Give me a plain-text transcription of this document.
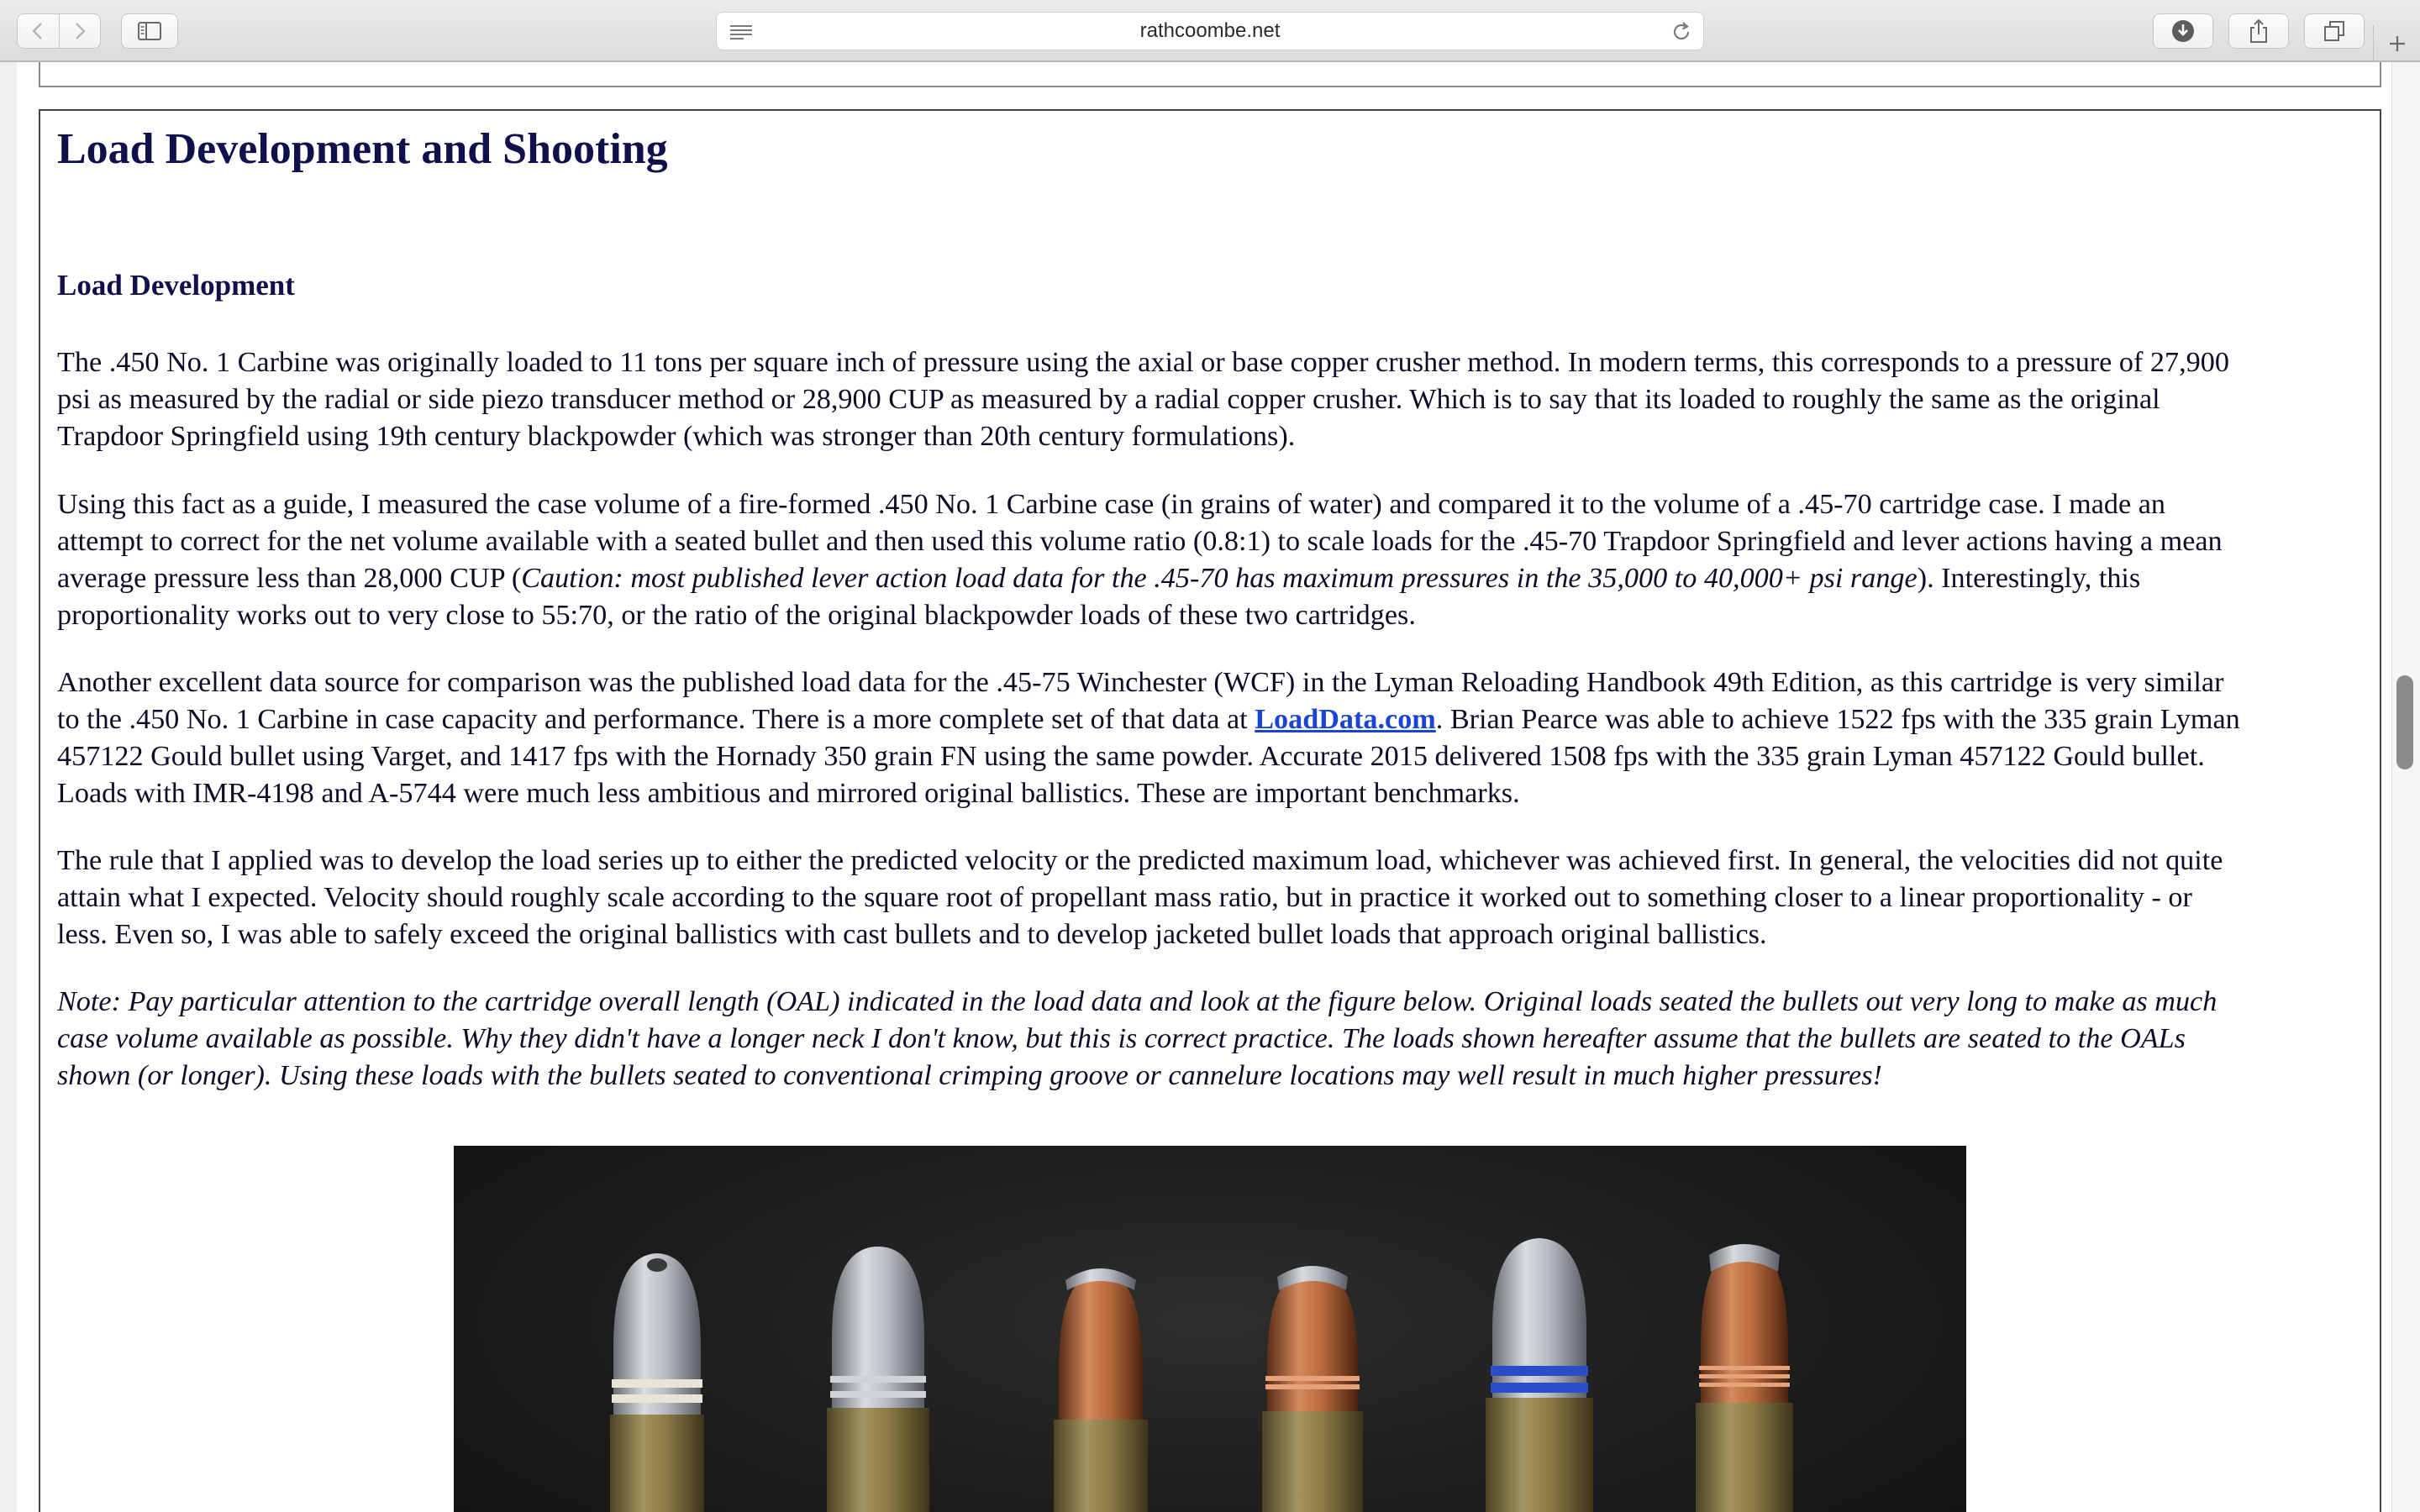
rathcoombe.net
Load Development and Shooting
Load Development

The .450 No. 1 Carbine was originally loaded to 11 tons per square inch of pressure using the axial or base copper crusher method. In modern terms, this corresponds to a pressure of 27,900
psi as measured by the radial or side piezo transducer method or 28,900 CUP as measured by a radial copper crusher. Which is to say that its loaded to roughly the same as the original
Trapdoor Springfield using 19th century blackpowder (which was stronger than 20th century formulations).

Using this fact as a guide, I measured the case volume of a fire-formed .450 No. 1 Carbine case (in grains of water) and compared it to the volume of a .45-70 cartridge case. I made an
attempt to correct for the net volume available with a seated bullet and then used this volume ratio (0.8:1) to scale loads for the .45-70 Trapdoor Springfield and lever actions having a mean
average pressure less than 28,000 CUP (Caution: most published lever action load data for the .45-70 has maximum pressures in the 35,000 to 40,000+ psi range). Interestingly, this
proportionality works out to very close to 55:70, or the ratio of the original blackpowder loads of these two cartridges.

Another excellent data source for comparison was the published load data for the .45-75 Winchester (WCF) in the Lyman Reloading Handbook 49th Edition, as this cartridge is very similar
to the .450 No. 1 Carbine in case capacity and performance. There is a more complete set of that data at LoadData.com. Brian Pearce was able to achieve 1522 fps with the 335 grain Lyman
457122 Gould bullet using Varget, and 1417 fps with the Hornady 350 grain FN using the same powder. Accurate 2015 delivered 1508 fps with the 335 grain Lyman 457122 Gould bullet.
Loads with IMR-4198 and A-5744 were much less ambitious and mirrored original ballistics. These are important benchmarks.

The rule that I applied was to develop the load series up to either the predicted velocity or the predicted maximum load, whichever was achieved first. In general, the velocities did not quite
attain what I expected. Velocity should roughly scale according to the square root of propellant mass ratio, but in practice it worked out to something closer to a linear proportionality - or
less. Even so, I was able to safely exceed the original ballistics with cast bullets and to develop jacketed bullet loads that approach original ballistics.

Note: Pay particular attention to the cartridge overall length (OAL) indicated in the load data and look at the figure below. Original loads seated the bullets out very long to make as much
case volume available as possible. Why they didn't have a longer neck I don't know, but this is correct practice. The loads shown hereafter assume that the bullets are seated to the OALs
shown (or longer). Using these loads with the bullets seated to conventional crimping groove or cannelure locations may well result in much higher pressures!
